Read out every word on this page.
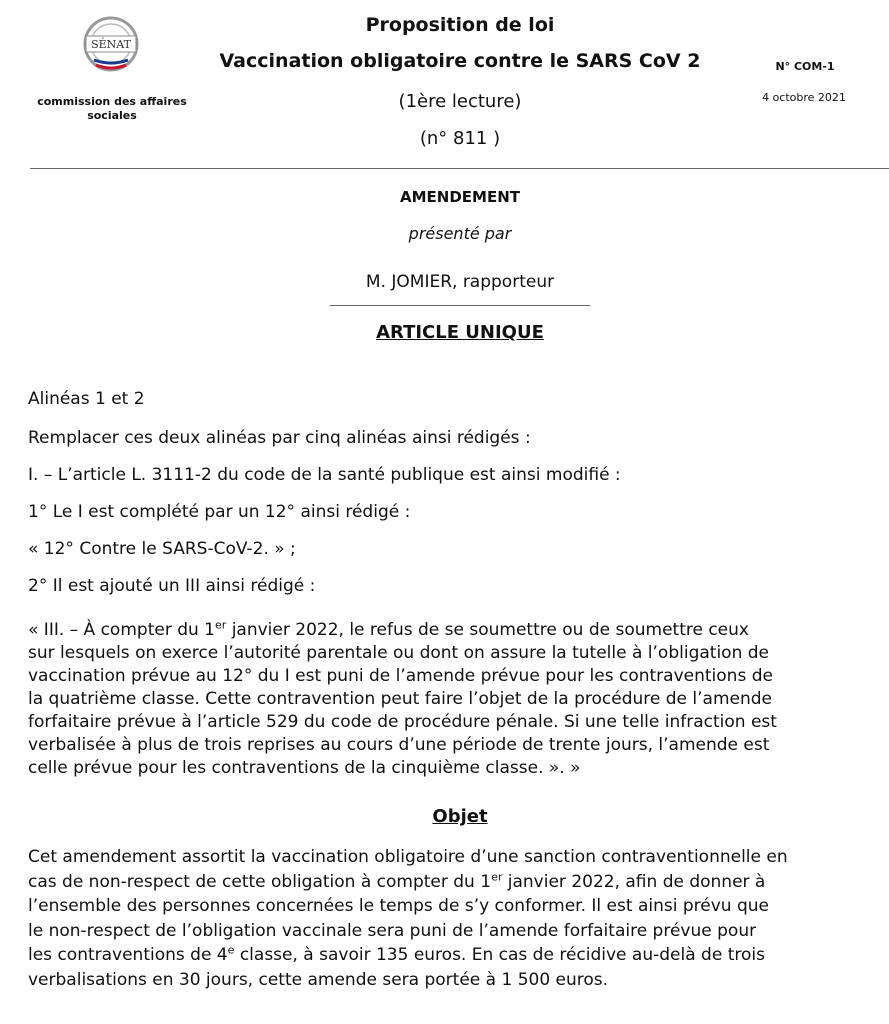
SÉNAT
commission des affaires sociales
Proposition de loi
Vaccination obligatoire contre le SARS CoV 2
(1ère lecture)
(n° 811 )
N° COM-1
4 octobre 2021
AMENDEMENT
présenté par
M. JOMIER, rapporteur
ARTICLE UNIQUE
Alinéas 1 et 2
Remplacer ces deux alinéas par cinq alinéas ainsi rédigés :
I. – L’article L. 3111-2 du code de la santé publique est ainsi modifié :
1° Le I est complété par un 12° ainsi rédigé :
« 12° Contre le SARS-CoV-2. » ;
2° Il est ajouté un III ainsi rédigé :
« III. – À compter du 1er janvier 2022, le refus de se soumettre ou de soumettre ceux
sur lesquels on exerce l’autorité parentale ou dont on assure la tutelle à l’obligation de
vaccination prévue au 12° du I est puni de l’amende prévue pour les contraventions de
la quatrième classe. Cette contravention peut faire l’objet de la procédure de l’amende
forfaitaire prévue à l’article 529 du code de procédure pénale. Si une telle infraction est
verbalisée à plus de trois reprises au cours d’une période de trente jours, l’amende est
celle prévue pour les contraventions de la cinquième classe. ». »
Objet
Cet amendement assortit la vaccination obligatoire d’une sanction contraventionnelle en
cas de non-respect de cette obligation à compter du 1er janvier 2022, afin de donner à
l’ensemble des personnes concernées le temps de s’y conformer. Il est ainsi prévu que
le non-respect de l’obligation vaccinale sera puni de l’amende forfaitaire prévue pour
les contraventions de 4e classe, à savoir 135 euros. En cas de récidive au-delà de trois
verbalisations en 30 jours, cette amende sera portée à 1 500 euros.
